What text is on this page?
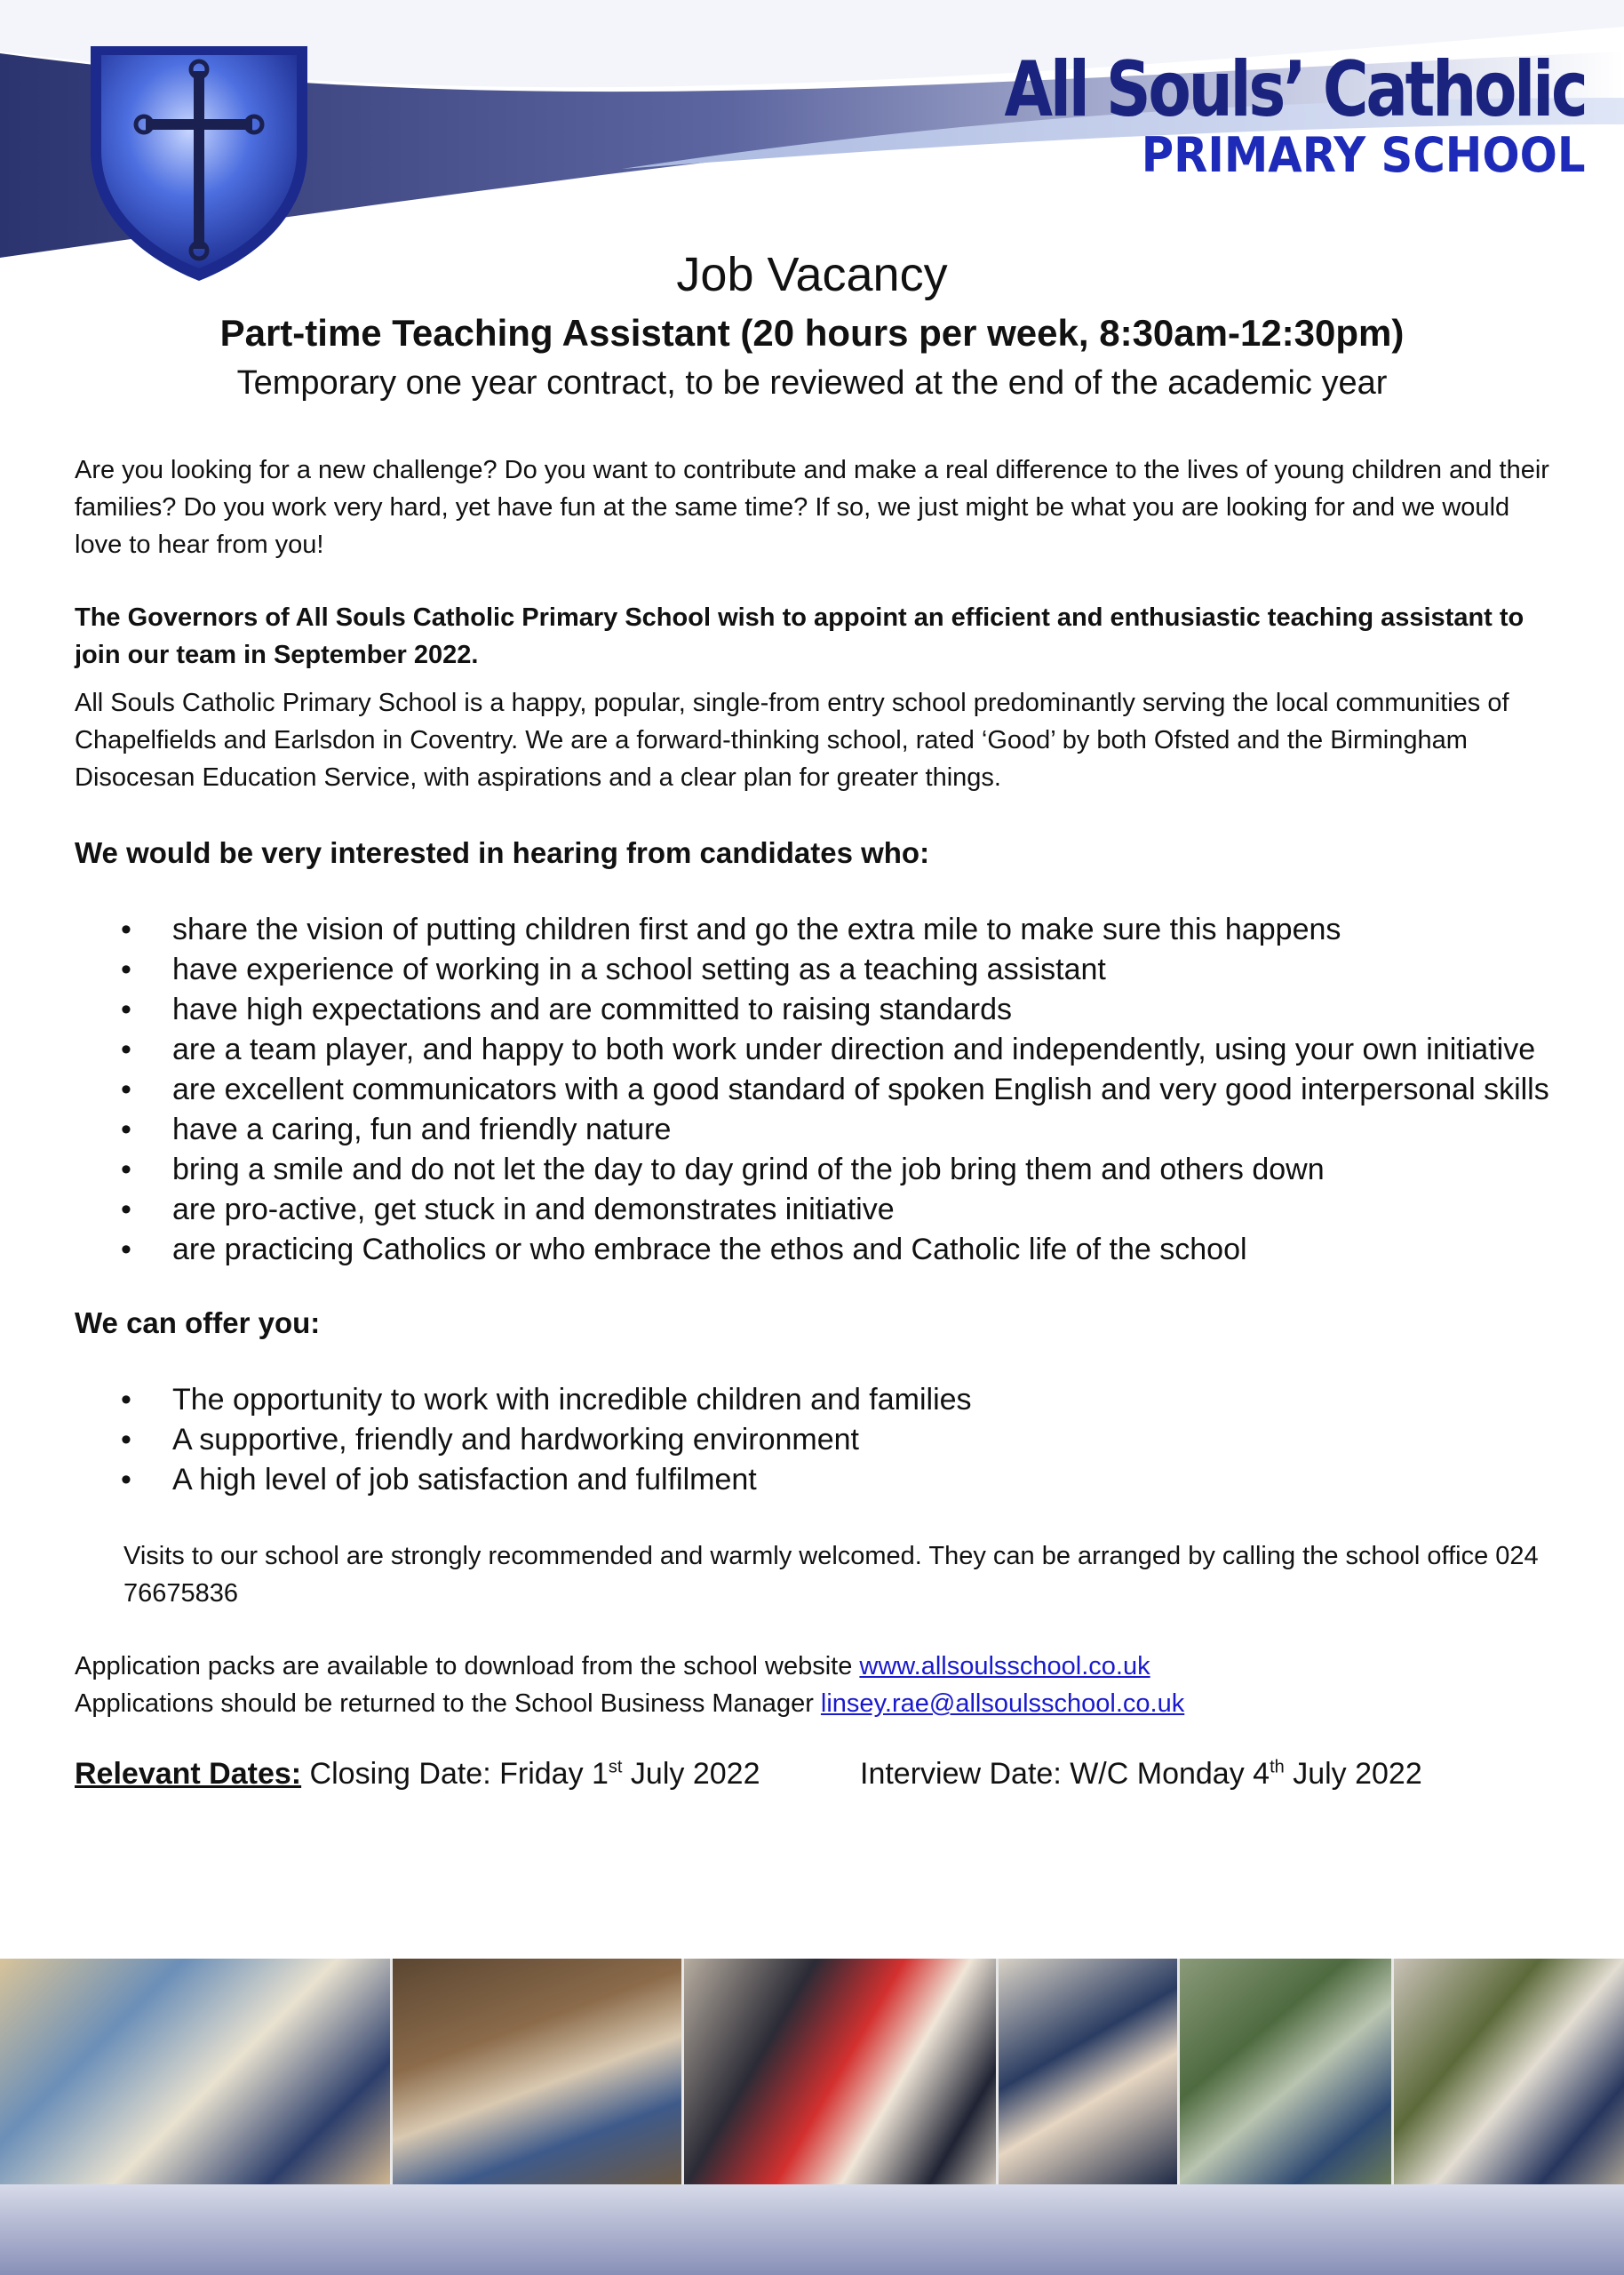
All Souls’ Catholic
PRIMARY SCHOOL
Job Vacancy
Part-time Teaching Assistant (20 hours per week, 8:30am-12:30pm)
Temporary one year contract, to be reviewed at the end of the academic year

Are you looking for a new challenge? Do you want to contribute and make a real difference to the lives of young children and their families? Do you work very hard, yet have fun at the same time? If so, we just might be what you are looking for and we would love to hear from you!

The Governors of All Souls Catholic Primary School wish to appoint an efficient and enthusiastic teaching assistant to join our team in September 2022.

All Souls Catholic Primary School is a happy, popular, single-from entry school predominantly serving the local communities of Chapelfields and Earlsdon in Coventry. We are a forward-thinking school, rated ‘Good’ by both Ofsted and the Birmingham Disocesan Education Service, with aspirations and a clear plan for greater things.

We would be very interested in hearing from candidates who:

• share the vision of putting children first and go the extra mile to make sure this happens
• have experience of working in a school setting as a teaching assistant
• have high expectations and are committed to raising standards
• are a team player, and happy to both work under direction and independently, using your own initiative
• are excellent communicators with a good standard of spoken English and very good interpersonal skills
• have a caring, fun and friendly nature
• bring a smile and do not let the day to day grind of the job bring them and others down
• are pro-active, get stuck in and demonstrates initiative
• are practicing Catholics or who embrace the ethos and Catholic life of the school

We can offer you:

• The opportunity to work with incredible children and families
• A supportive, friendly and hardworking environment
• A high level of job satisfaction and fulfilment

Visits to our school are strongly recommended and warmly welcomed. They can be arranged by calling the school office 024 76675836

Application packs are available to download from the school website www.allsoulsschool.co.uk
Applications should be returned to the School Business Manager linsey.rae@allsoulsschool.co.uk

Relevant Dates: Closing Date: Friday 1st July 2022	Interview Date: W/C Monday 4th July 2022
